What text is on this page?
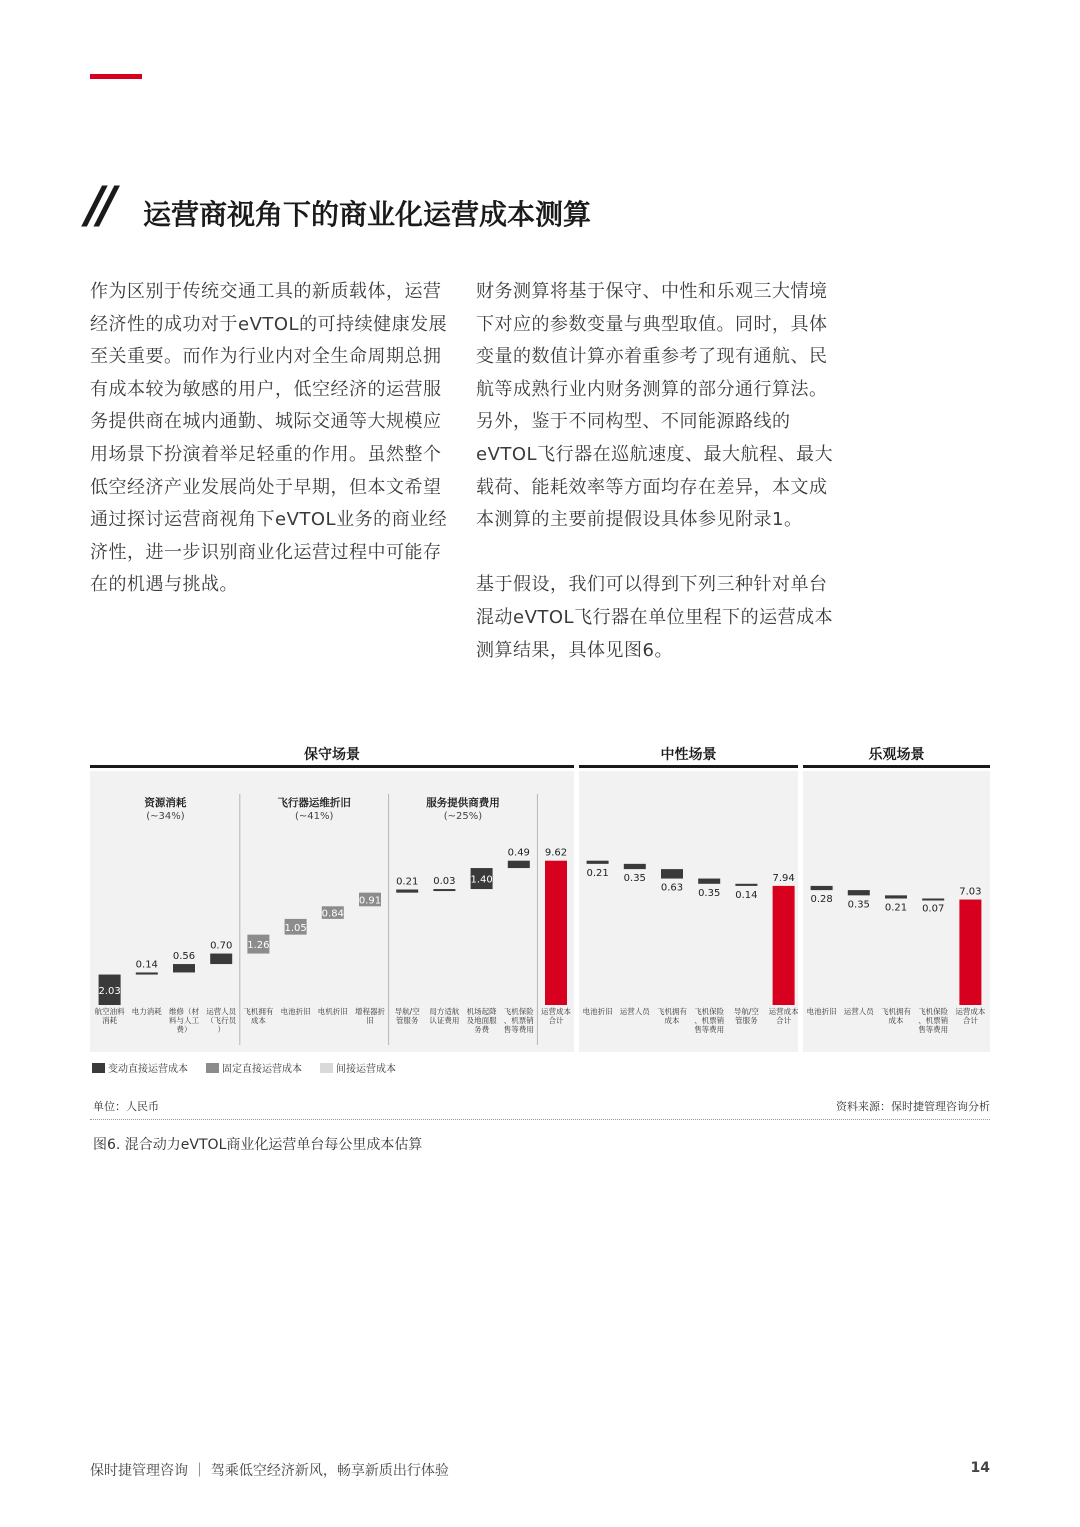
// 运营商视角下的商业化运营成本测算

作为区别于传统交通工具的新质载体，运营经济性的成功对于eVTOL的可持续健康发展至关重要。而作为行业内对全生命周期总拥有成本较为敏感的用户，低空经济的运营服务提供商在城内通勤、城际交通等大规模应用场景下扮演着举足轻重的作用。虽然整个低空经济产业发展尚处于早期，但本文希望通过探讨运营商视角下eVTOL业务的商业经济性，进一步识别商业化运营过程中可能存在的机遇与挑战。

财务测算将基于保守、中性和乐观三大情境下对应的参数变量与典型取值。同时，具体变量的数值计算亦着重参考了现有通航、民航等成熟行业内财务测算的部分通行算法。另外，鉴于不同构型、不同能源路线的eVTOL飞行器在巡航速度、最大航程、最大载荷、能耗效率等方面均存在差异，本文成本测算的主要前提假设具体参见附录1。

基于假设，我们可以得到下列三种针对单台混动eVTOL飞行器在单位里程下的运营成本测算结果，具体见图6。

保守场景
2.03
航空油料消耗
0.14
电力消耗
0.56
维修（材料与人工费）
0.70
运营人员（飞行员）
1.26
飞机拥有成本
1.05
电池折旧
0.84
电机折旧
0.91
增程器折旧
0.21
导航/空管服务
0.03
局方适航认证费用
1.40
机场起降及地面服务费
0.49
飞机保险、机票销售等费用
9.62
运营成本合计
资源消耗
(~34%)
飞行器运维折旧
(~41%)
服务提供商费用
(~25%)
中性场景
0.21
电池折旧
0.35
运营人员
0.63
飞机拥有成本
0.35
飞机保险、机票销售等费用
0.14
导航/空管服务
7.94
运营成本合计
乐观场景
0.28
电池折旧
0.35
运营人员
0.21
飞机拥有成本
0.07
飞机保险、机票销售等费用
7.03
运营成本合计
变动直接运营成本	固定直接运营成本	间接运营成本
单位：人民币	资料来源：保时捷管理咨询分析
图6. 混合动力eVTOL商业化运营单台每公里成本估算
保时捷管理咨询 ｜ 驾乘低空经济新风，畅享新质出行体验	14
